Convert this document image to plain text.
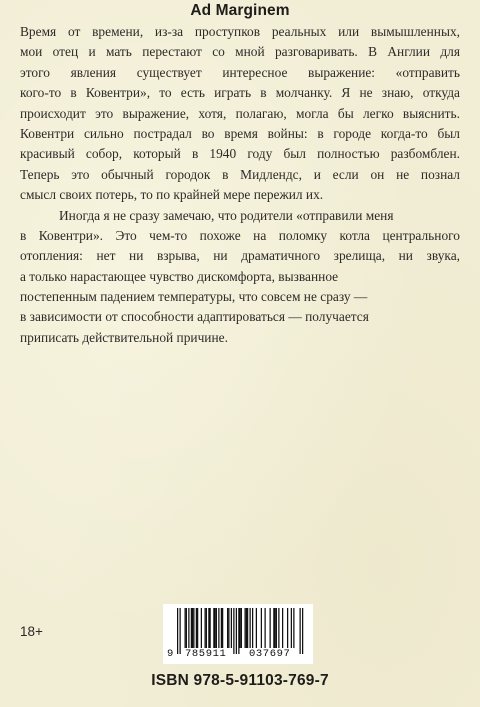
Ad Marginem
Время от времени, из-за проступков реальных или вымышленных,
мои отец и мать перестают со мной разговаривать. В Англии для
этого явления существует интересное выражение: «отправить
кого-то в Ковентри», то есть играть в молчанку. Я не знаю, откуда
происходит это выражение, хотя, полагаю, могла бы легко выяснить.
Ковентри сильно пострадал во время войны: в городе когда-то был
красивый собор, который в 1940 году был полностью разбомблен.
Теперь это обычный городок в Мидлендс, и если он не познал
смысл своих потерь, то по крайней мере пережил их.
Иногда я не сразу замечаю, что родители «отправили меня
в Ковентри». Это чем-то похоже на поломку котла центрального
отопления: нет ни взрыва, ни драматичного зрелища, ни звука,
а только нарастающее чувство дискомфорта, вызванное
постепенным падением температуры, что совсем не сразу —
в зависимости от способности адаптироваться — получается
приписать действительной причине.
18+
9 785911 037697
ISBN 978-5-91103-769-7
